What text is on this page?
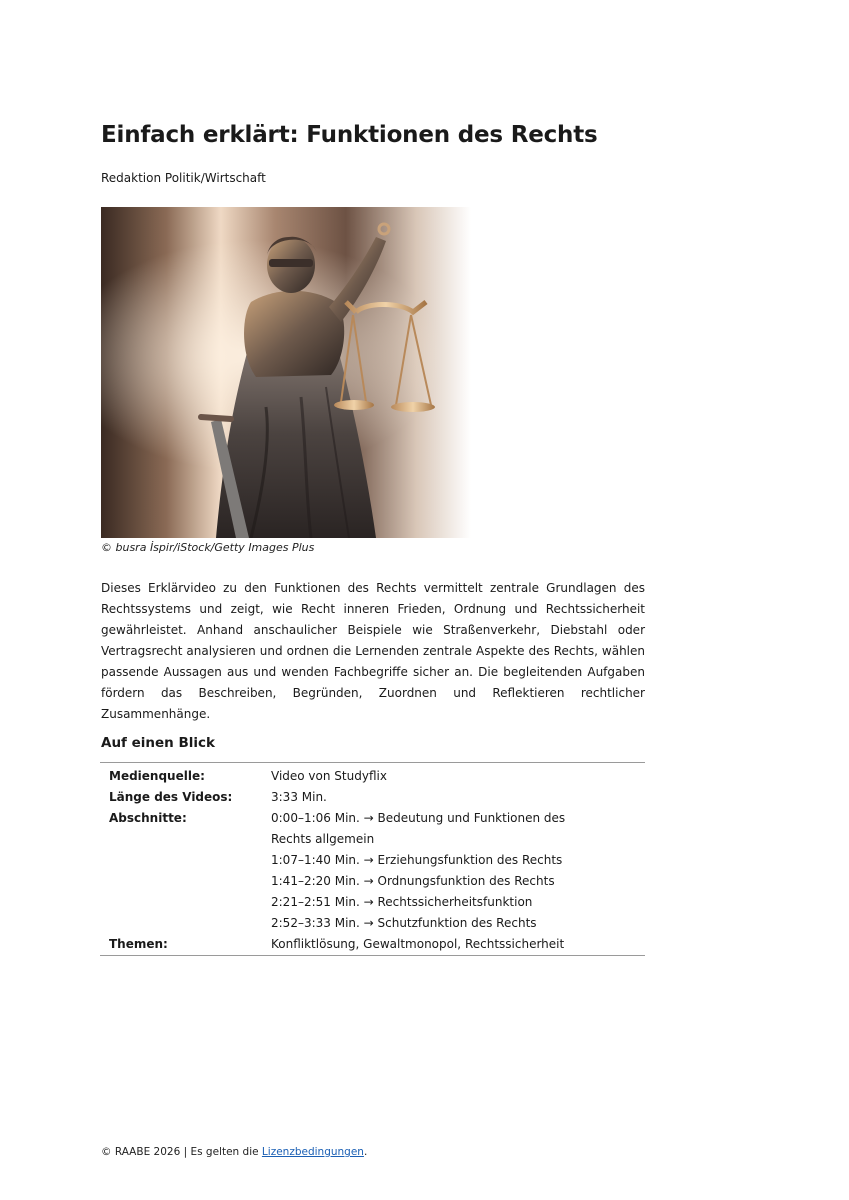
Einfach erklärt: Funktionen des Rechts
Redaktion Politik/Wirtschaft
© busra İspir/iStock/Getty Images Plus

Dieses Erklärvideo zu den Funktionen des Rechts vermittelt zentrale Grundlagen des Rechtssystems und zeigt, wie Recht inneren Frieden, Ordnung und Rechtssicherheit gewährleistet. Anhand anschaulicher Beispiele wie Straßenverkehr, Diebstahl oder Vertragsrecht analysieren und ordnen die Lernenden zentrale Aspekte des Rechts, wählen passende Aussagen aus und wenden Fachbegriffe sicher an. Die begleitenden Aufgaben fördern das Beschreiben, Begründen, Zuordnen und Reflektieren rechtlicher Zusammenhänge.

Auf einen Blick
Medienquelle:	Video von Studyflix
Länge des Videos:	3:33 Min.
Abschnitte:	0:00–1:06 Min. → Bedeutung und Funktionen des Rechts allgemein
	1:07–1:40 Min. → Erziehungsfunktion des Rechts
	1:41–2:20 Min. → Ordnungsfunktion des Rechts
	2:21–2:51 Min. → Rechtssicherheitsfunktion
	2:52–3:33 Min. → Schutzfunktion des Rechts
Themen:	Konfliktlösung, Gewaltmonopol, Rechtssicherheit
© RAABE 2026 | Es gelten die Lizenzbedingungen.
